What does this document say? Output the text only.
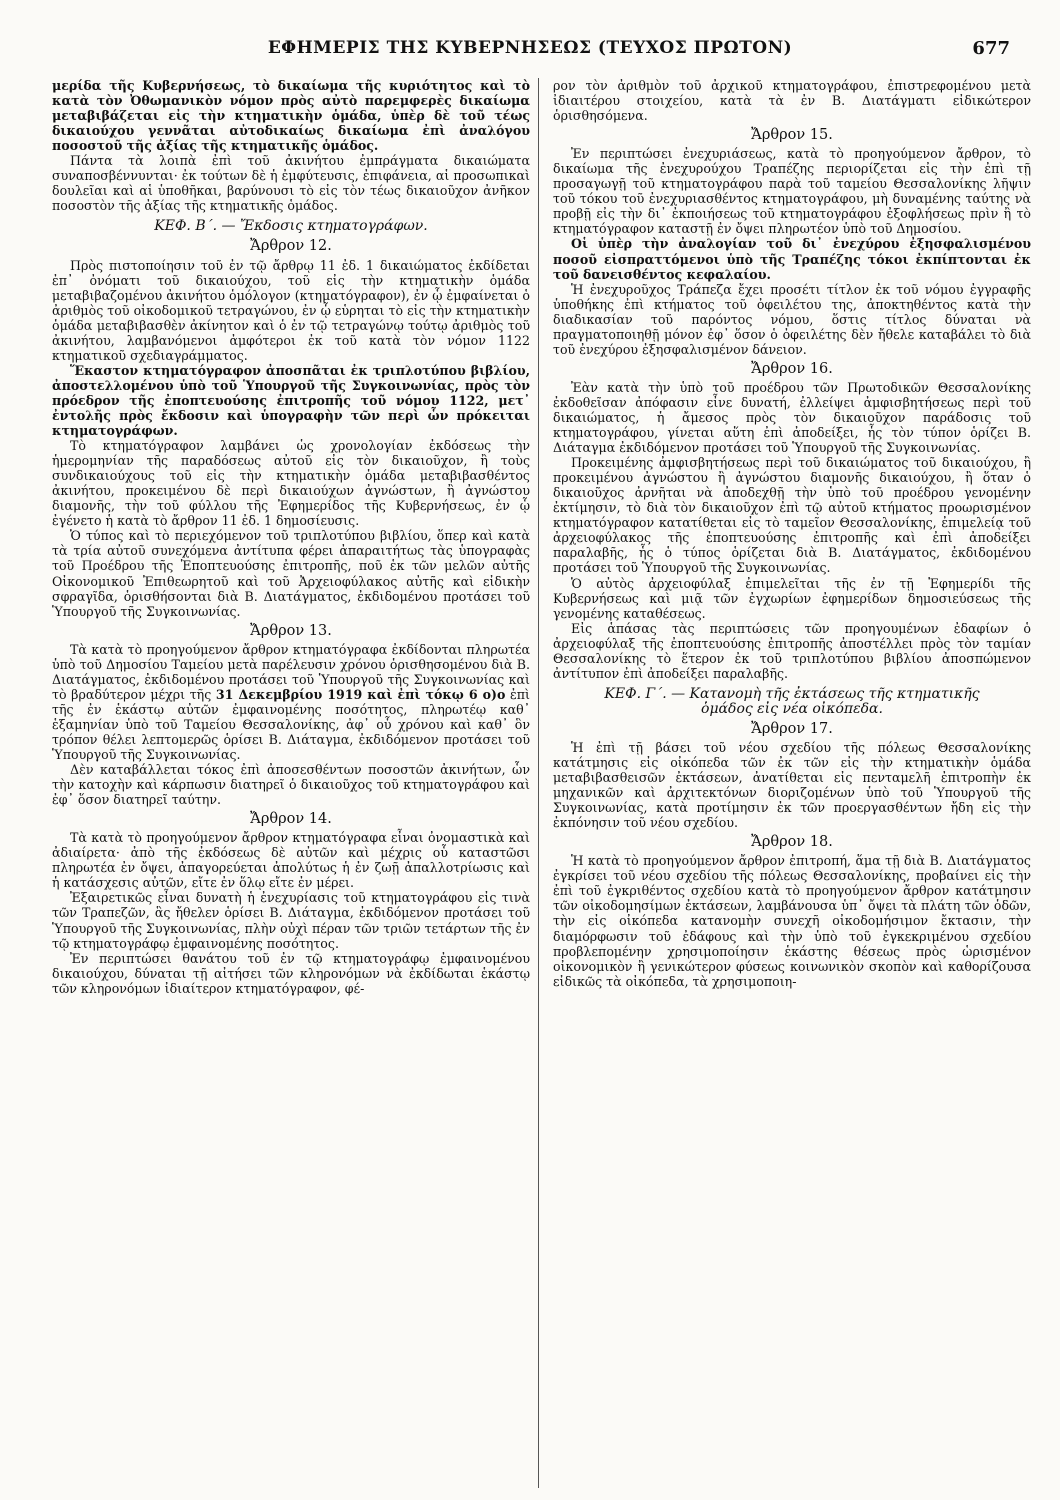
ΕΦΗΜΕΡΙΣ ΤΗΣ ΚΥΒΕΡΝΗΣΕΩΣ (ΤΕΥΧΟΣ ΠΡΩΤΟΝ)	677

μερίδα τῆς Κυβερνήσεως, τὸ δικαίωμα τῆς κυριότητος καὶ τὸ κατὰ τὸν Ὀθωμανικὸν νόμον πρὸς αὐτὸ παρεμφερὲς δικαίωμα μεταβιβάζεται εἰς τὴν κτηματικὴν ὁμάδα, ὑπὲρ δὲ τοῦ τέως δικαιούχου γεννᾶται αὐτοδικαίως δικαίωμα ἐπὶ ἀναλόγου ποσοστοῦ τῆς ἀξίας τῆς κτηματικῆς ὁμάδος.

Πάντα τὰ λοιπὰ ἐπὶ τοῦ ἀκινήτου ἐμπράγματα δικαιώματα συναποσβέννυνται· ἐκ τούτων δὲ ἡ ἐμφύτευσις, ἐπιφάνεια, αἱ προσωπικαὶ δουλεῖαι καὶ αἱ ὑποθῆκαι, βαρύνουσι τὸ εἰς τὸν τέως δικαιοῦχον ἀνῆκον ποσοστὸν τῆς ἀξίας τῆς κτηματικῆς ὁμάδος.

ΚΕΦ. Β΄. — Ἔκδοσις κτηματογράφων.
Ἄρθρον 12.

Πρὸς πιστοποίησιν τοῦ ἐν τῷ ἄρθρῳ 11 ἐδ. 1 δικαιώματος ἐκδίδεται ἐπ᾽ ὀνόματι τοῦ δικαιούχου, τοῦ εἰς τὴν κτηματικὴν ὁμάδα μεταβιβαζομένου ἀκινήτου ὁμόλογον (κτηματόγραφον), ἐν ᾧ ἐμφαίνεται ὁ ἀριθμὸς τοῦ οἰκοδομικοῦ τετραγώνου, ἐν ᾧ εὑρηται τὸ εἰς τὴν κτηματικὴν ὁμάδα μεταβιβασθὲν ἀκίνητον καὶ ὁ ἐν τῷ τετραγώνῳ τούτῳ ἀριθμὸς τοῦ ἀκινήτου, λαμβανόμενοι ἀμφότεροι ἐκ τοῦ κατὰ τὸν νόμον 1122 κτηματικοῦ σχεδιαγράμματος.

Ἕκαστον κτηματόγραφον ἀποσπᾶται ἐκ τριπλοτύπου βιβλίου, ἀποστελλομένου ὑπὸ τοῦ Ὑπουργοῦ τῆς Συγκοινωνίας, πρὸς τὸν πρόεδρον τῆς ἐποπτευούσης ἐπιτροπῆς τοῦ νόμου 1122, μετ᾽ ἐντολῆς πρὸς ἔκδοσιν καὶ ὑπογραφὴν τῶν περὶ ὧν πρόκειται κτηματογράφων.

Τὸ κτηματόγραφον λαμβάνει ὡς χρονολογίαν ἐκδόσεως τὴν ἡμερομηνίαν τῆς παραδόσεως αὐτοῦ εἰς τὸν δικαιοῦχον, ἢ τοὺς συνδικαιούχους τοῦ εἰς τὴν κτηματικὴν ὁμάδα μεταβιβασθέντος ἀκινήτου, προκειμένου δὲ περὶ δικαιούχων ἀγνώστων, ἢ ἀγνώστου διαμονῆς, τὴν τοῦ φύλλου τῆς Ἐφημερίδος τῆς Κυβερνήσεως, ἐν ᾧ ἐγένετο ἡ κατὰ τὸ ἄρθρον 11 ἐδ. 1 δημοσίευσις.

Ὁ τύπος καὶ τὸ περιεχόμενον τοῦ τριπλοτύπου βιβλίου, ὅπερ καὶ κατὰ τὰ τρία αὐτοῦ συνεχόμενα ἀντίτυπα φέρει ἀπαραιτήτως τὰς ὑπογραφὰς τοῦ Προέδρου τῆς Ἐποπτευούσης ἐπιτροπῆς, ποῦ ἑκ τῶν μελῶν αὐτῆς Οἰκονομικοῦ Ἐπιθεωρητοῦ καὶ τοῦ Ἀρχειοφύλακος αὐτῆς καὶ εἰδικὴν σφραγῖδα, ὁρισθήσονται διὰ Β. Διατάγματος, ἐκδιδομένου προτάσει τοῦ Ὑπουργοῦ τῆς Συγκοινωνίας.

Ἄρθρον 13.

Τὰ κατὰ τὸ προηγούμενον ἄρθρον κτηματόγραφα ἐκδίδονται πληρωτέα ὑπὸ τοῦ Δημοσίου Ταμείου μετὰ παρέλευσιν χρόνου ὁρισθησομένου διὰ Β. Διατάγματος, ἐκδιδομένου προτάσει τοῦ Ὑπουργοῦ τῆς Συγκοινωνίας καὶ τὸ βραδύτερον μέχρι τῆς 31 Δεκεμβρίου 1919 καὶ ἐπὶ τόκῳ 6 ο)ο ἐπὶ τῆς ἐν ἑκάστῳ αὐτῶν ἐμφαινομένης ποσότητος, πληρωτέῳ καθ᾽ ἑξαμηνίαν ὑπὸ τοῦ Ταμείου Θεσσαλονίκης, ἀφ᾽ οὗ χρόνου καὶ καθ᾽ ὃν τρόπον θέλει λεπτομερῶς ὁρίσει Β. Διάταγμα, ἐκδιδόμενον προτάσει τοῦ Ὑπουργοῦ τῆς Συγκοινωνίας.

Δὲν καταβάλλεται τόκος ἐπὶ ἀποσεσθέντων ποσοστῶν ἀκινήτων, ὧν τὴν κατοχὴν καὶ κάρπωσιν διατηρεῖ ὁ δικαιοῦχος τοῦ κτηματογράφου καὶ ἐφ᾽ ὅσον διατηρεῖ ταύτην.

Ἄρθρον 14.

Τὰ κατὰ τὸ προηγούμενον ἄρθρον κτηματόγραφα εἶναι ὀνομαστικὰ καὶ ἀδιαίρετα· ἀπὸ τῆς ἐκδόσεως δὲ αὐτῶν καὶ μέχρις οὗ καταστῶσι πληρωτέα ἐν ὄψει, ἀπαγορεύεται ἀπολύτως ἡ ἐν ζωῇ ἀπαλλοτρίωσις καὶ ἡ κατάσχεσις αὐτῶν, εἴτε ἐν ὅλῳ εἴτε ἐν μέρει.

Ἐξαιρετικῶς εἶναι δυνατὴ ἡ ἐνεχυρίασις τοῦ κτηματογράφου εἰς τινὰ τῶν Τραπεζῶν, ἃς ἤθελεν ὁρίσει Β. Διάταγμα, ἐκδιδόμενον προτάσει τοῦ Ὑπουργοῦ τῆς Συγκοινωνίας, πλὴν οὐχὶ πέραν τῶν τριῶν τετάρτων τῆς ἐν τῷ κτηματογράφῳ ἐμφαινομένης ποσότητος.

Ἐν περιπτώσει θανάτου τοῦ ἐν τῷ κτηματογράφῳ ἐμφαινομένου δικαιούχου, δύναται τῇ αἰτήσει τῶν κληρονόμων νὰ ἐκδίδωται ἑκάστῳ τῶν κληρονόμων ἰδιαίτερον κτηματόγραφον, φέ-

ρον τὸν ἀριθμὸν τοῦ ἀρχικοῦ κτηματογράφου, ἐπιστρεφομένου μετὰ ἰδιαιτέρου στοιχείου, κατὰ τὰ ἐν Β. Διατάγματι εἰδικώτερον ὁρισθησόμενα.

Ἄρθρον 15.

Ἐν περιπτώσει ἐνεχυριάσεως, κατὰ τὸ προηγούμενον ἄρθρον, τὸ δικαίωμα τῆς ἐνεχυρούχου Τραπέζης περιορίζεται εἰς τὴν ἐπὶ τῇ προσαγωγῇ τοῦ κτηματογράφου παρὰ τοῦ ταμείου Θεσσαλονίκης λῆψιν τοῦ τόκου τοῦ ἐνεχυριασθέντος κτηματογράφου, μὴ δυναμένης ταύτης νὰ προβῇ εἰς τὴν δι᾽ ἐκποιήσεως τοῦ κτηματογράφου ἐξοφλήσεως πρὶν ἢ τὸ κτηματόγραφον καταστῇ ἐν ὄψει πληρωτέον ὑπὸ τοῦ Δημοσίου.

Οἱ ὑπὲρ τὴν ἀναλογίαν τοῦ δι᾽ ἐνεχύρου ἐξησφαλισμένου ποσοῦ εἰσπραττόμενοι ὑπὸ τῆς Τραπέζης τόκοι ἐκπίπτονται ἐκ τοῦ δανεισθέντος κεφαλαίου.

Ἡ ἐνεχυροῦχος Τράπεζα ἔχει προσέτι τίτλον ἐκ τοῦ νόμου ἐγγραφῆς ὑποθήκης ἐπὶ κτήματος τοῦ ὀφειλέτου της, ἀποκτηθέντος κατὰ τὴν διαδικασίαν τοῦ παρόντος νόμου, ὅστις τίτλος δύναται νὰ πραγματοποιηθῇ μόνον ἐφ᾽ ὅσον ὁ ὀφειλέτης δὲν ἤθελε καταβάλει τὸ διὰ τοῦ ἐνεχύρου ἐξησφαλισμένον δάνειον.

Ἄρθρον 16.

Ἐὰν κατὰ τὴν ὑπὸ τοῦ προέδρου τῶν Πρωτοδικῶν Θεσσαλονίκης ἐκδοθεῖσαν ἀπόφασιν εἶνε δυνατή, ἐλλείψει ἀμφισβητήσεως περὶ τοῦ δικαιώματος, ἡ ἄμεσος πρὸς τὸν δικαιοῦχον παράδοσις τοῦ κτηματογράφου, γίνεται αὕτη ἐπὶ ἀποδείξει, ἧς τὸν τύπον ὁρίζει Β. Διάταγμα ἐκδιδόμενον προτάσει τοῦ Ὑπουργοῦ τῆς Συγκοινωνίας.

Προκειμένης ἀμφισβητήσεως περὶ τοῦ δικαιώματος τοῦ δικαιούχου, ἢ προκειμένου ἀγνώστου ἢ ἀγνώστου διαμονῆς δικαιούχου, ἢ ὅταν ὁ δικαιοῦχος ἀρνῆται νὰ ἀποδεχθῇ τὴν ὑπὸ τοῦ προέδρου γενομένην ἐκτίμησιν, τὸ διὰ τὸν δικαιοῦχον ἐπὶ τῷ αὐτοῦ κτήματος προωρισμένον κτηματόγραφον κατατίθεται εἰς τὸ ταμεῖον Θεσσαλονίκης, ἐπιμελείᾳ τοῦ ἀρχειοφύλακος τῆς ἐποπτευούσης ἐπιτροπῆς καὶ ἐπὶ ἀποδείξει παραλαβῆς, ἧς ὁ τύπος ὁρίζεται διὰ Β. Διατάγματος, ἐκδιδομένου προτάσει τοῦ Ὑπουργοῦ τῆς Συγκοινωνίας.

Ὁ αὐτὸς ἀρχειοφύλαξ ἐπιμελεῖται τῆς ἐν τῇ Ἐφημερίδι τῆς Κυβερνήσεως καὶ μιᾷ τῶν ἐγχωρίων ἐφημερίδων δημοσιεύσεως τῆς γενομένης καταθέσεως.

Εἰς ἁπάσας τὰς περιπτώσεις τῶν προηγουμένων ἐδαφίων ὁ ἀρχειοφύλαξ τῆς ἐποπτευούσης ἐπιτροπῆς ἀποστέλλει πρὸς τὸν ταμίαν Θεσσαλονίκης τὸ ἕτερον ἐκ τοῦ τριπλοτύπου βιβλίου ἀποσπώμενον ἀντίτυπον ἐπὶ ἀποδείξει παραλαβῆς.

ΚΕΦ. Γ΄. — Κατανομὴ τῆς ἐκτάσεως τῆς κτηματικῆς
ὁμάδος εἰς νέα οἰκόπεδα.
Ἄρθρον 17.

Ἡ ἐπὶ τῇ βάσει τοῦ νέου σχεδίου τῆς πόλεως Θεσσαλονίκης κατάτμησις εἰς οἰκόπεδα τῶν ἐκ τῶν εἰς τὴν κτηματικὴν ὁμάδα μεταβιβασθεισῶν ἐκτάσεων, ἀνατίθεται εἰς πενταμελῆ ἐπιτροπὴν ἐκ μηχανικῶν καὶ ἀρχιτεκτόνων διοριζομένων ὑπὸ τοῦ Ὑπουργοῦ τῆς Συγκοινωνίας, κατὰ προτίμησιν ἐκ τῶν προεργασθέντων ἤδη εἰς τὴν ἐκπόνησιν τοῦ νέου σχεδίου.

Ἄρθρον 18.

Ἡ κατὰ τὸ προηγούμενον ἄρθρον ἐπιτροπή, ἅμα τῇ διὰ Β. Διατάγματος ἐγκρίσει τοῦ νέου σχεδίου τῆς πόλεως Θεσσαλονίκης, προβαίνει εἰς τὴν ἐπὶ τοῦ ἐγκριθέντος σχεδίου κατὰ τὸ προηγούμενον ἄρθρον κατάτμησιν τῶν οἰκοδομησίμων ἐκτάσεων, λαμβάνουσα ὑπ᾽ ὄψει τὰ πλάτη τῶν ὁδῶν, τὴν εἰς οἰκόπεδα κατανομὴν συνεχῆ οἰκοδομήσιμον ἔκτασιν, τὴν διαμόρφωσιν τοῦ ἐδάφους καὶ τὴν ὑπὸ τοῦ ἐγκεκριμένου σχεδίου προβλεπομένην χρησιμοποίησιν ἑκάστης θέσεως πρὸς ὡρισμένον οἰκονομικὸν ἢ γενικώτερον φύσεως κοινωνικὸν σκοπὸν καὶ καθορίζουσα εἰδικῶς τὰ οἰκόπεδα, τὰ χρησιμοποιη-
